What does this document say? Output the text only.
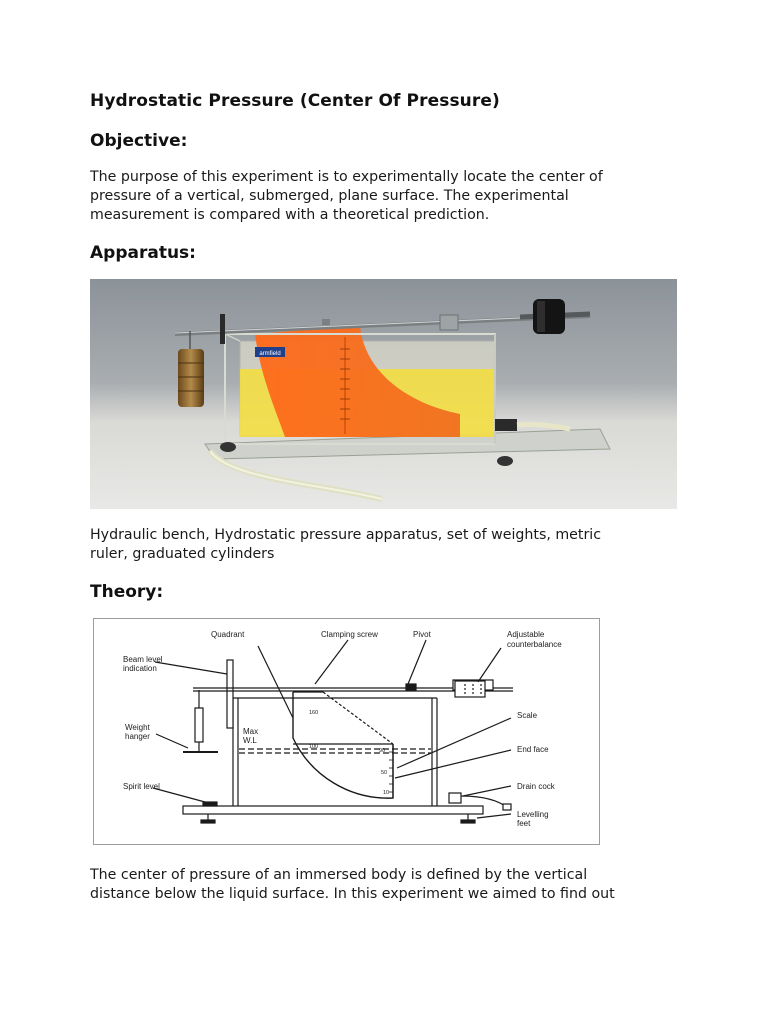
Hydrostatic Pressure (Center Of Pressure)
Objective:
The purpose of this experiment is to experimentally locate the center of
pressure of a vertical, submerged, plane surface. The experimental
measurement is compared with a theoretical prediction.
Apparatus:
armfield
Hydraulic bench, Hydrostatic pressure apparatus, set of weights, metric
ruler, graduated cylinders
Theory:
Quadrant	Clamping screw	Pivot	Adjustable
counterbalance
Beam level
indication
Weight
hanger
Scale
Max
W.L
End face
Spirit level	Drain cock
Levelling
feet
160
100
90
50
10
The center of pressure of an immersed body is defined by the vertical
distance below the liquid surface. In this experiment we aimed to find out
